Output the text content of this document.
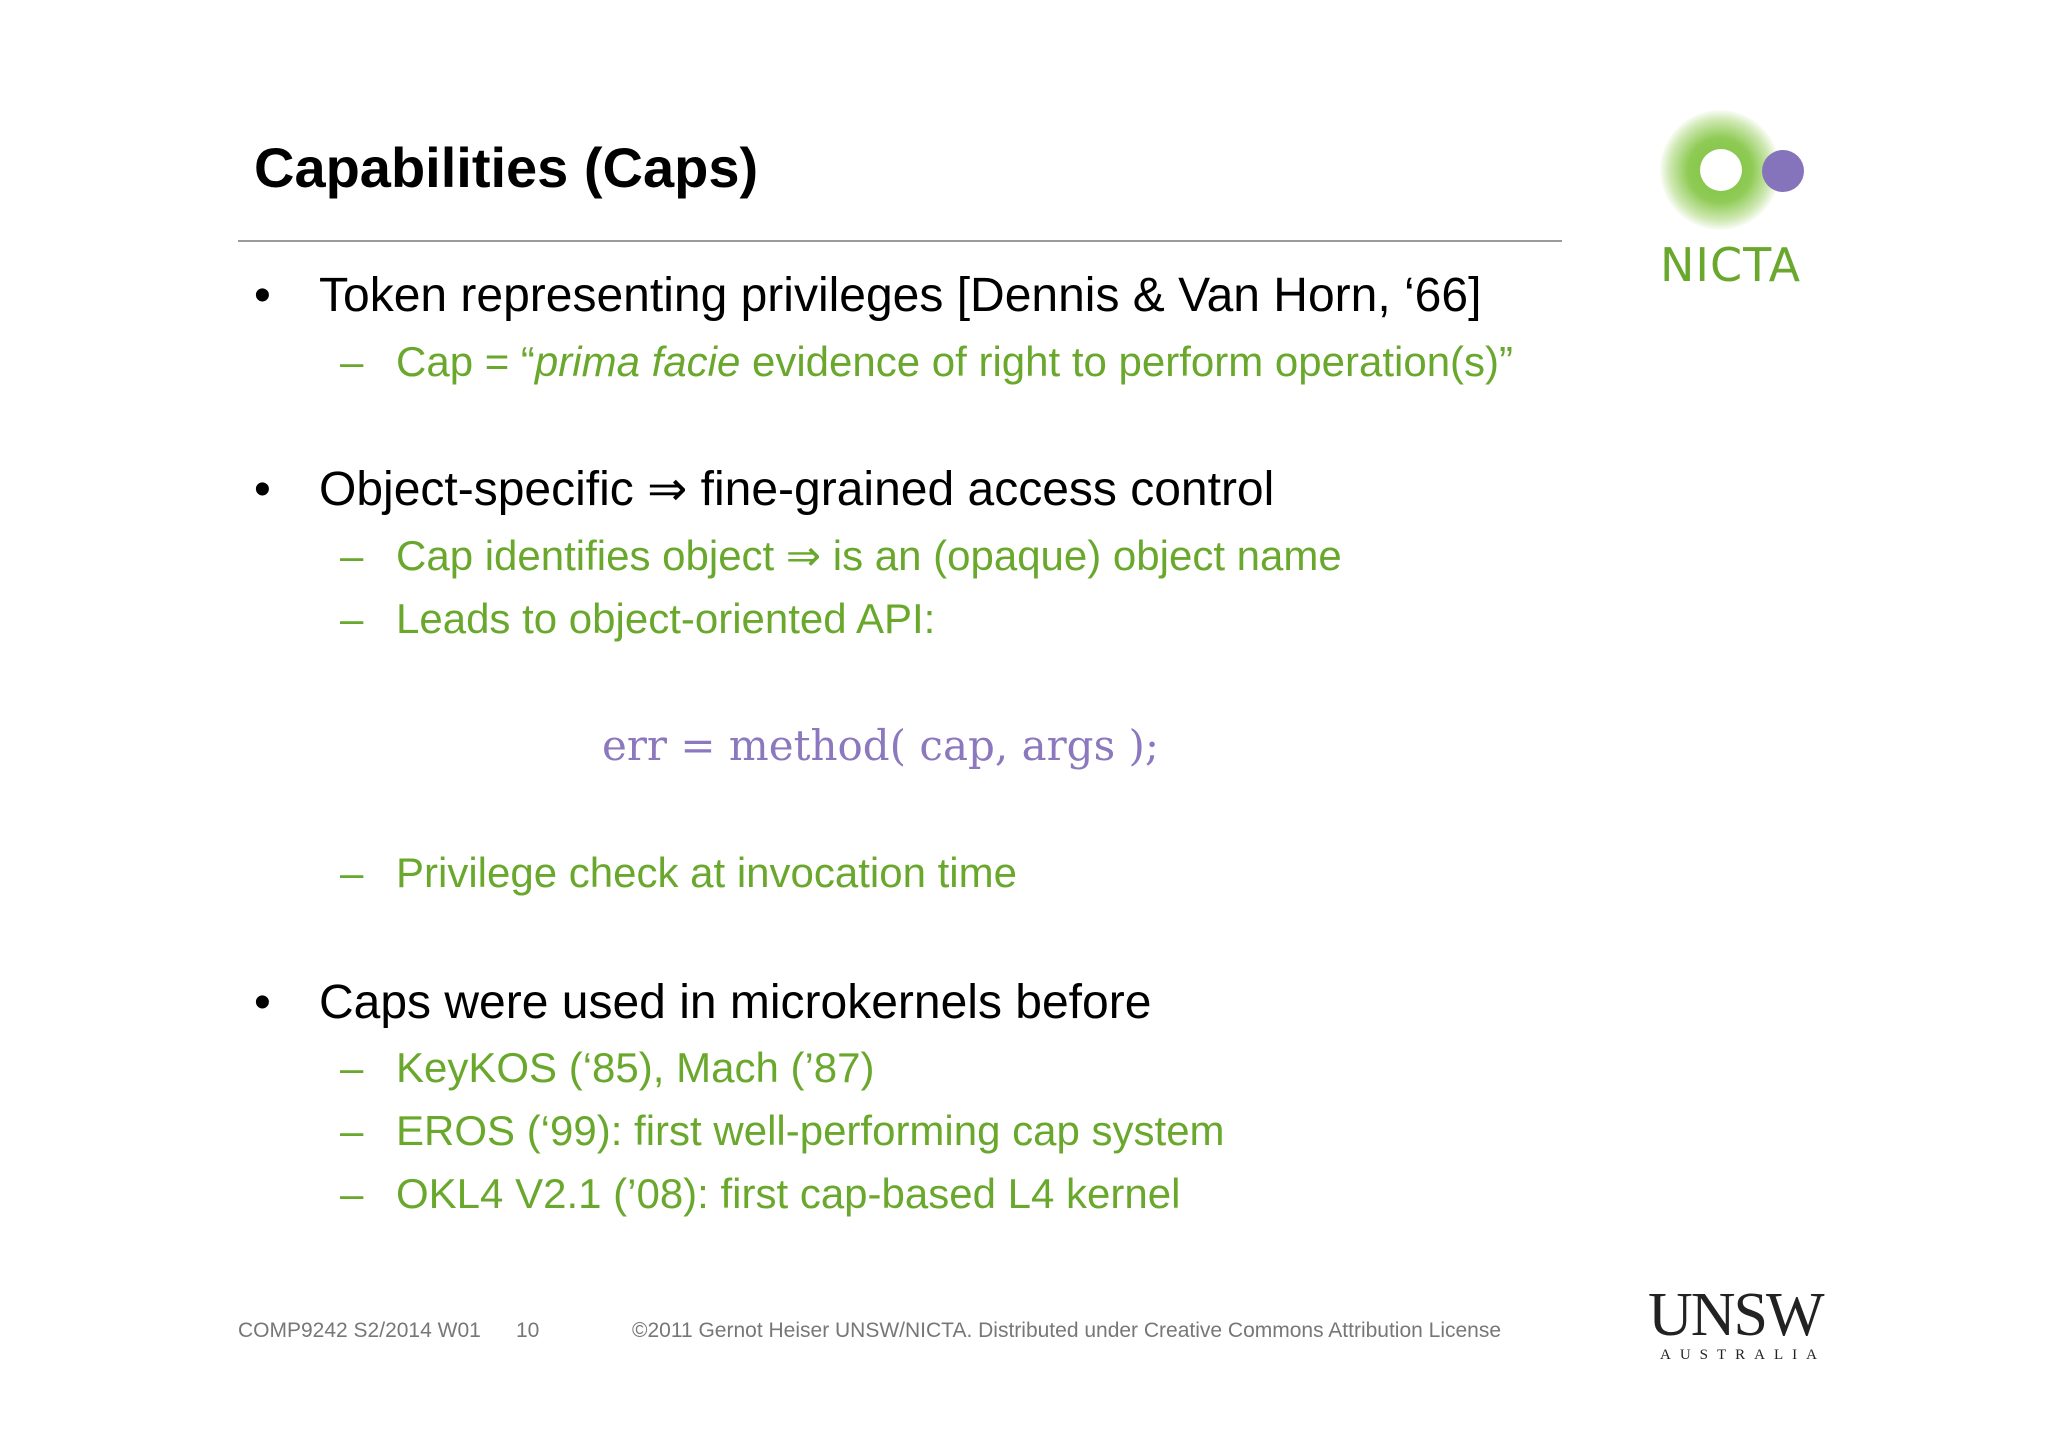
Capabilities (Caps)
NICTA
• Token representing privileges [Dennis & Van Horn, ‘66]
– Cap = “prima facie evidence of right to perform operation(s)”
• Object-specific ⇒ fine-grained access control
– Cap identifies object ⇒ is an (opaque) object name
– Leads to object-oriented API:
err = method( cap, args );
– Privilege check at invocation time
• Caps were used in microkernels before
– KeyKOS (‘85), Mach (’87)
– EROS (‘99): first well-performing cap system
– OKL4 V2.1 (’08): first cap-based L4 kernel
COMP9242 S2/2014 W01 10	©2011 Gernot Heiser UNSW/NICTA. Distributed under Creative Commons Attribution License UNSW
AUSTRALIA
